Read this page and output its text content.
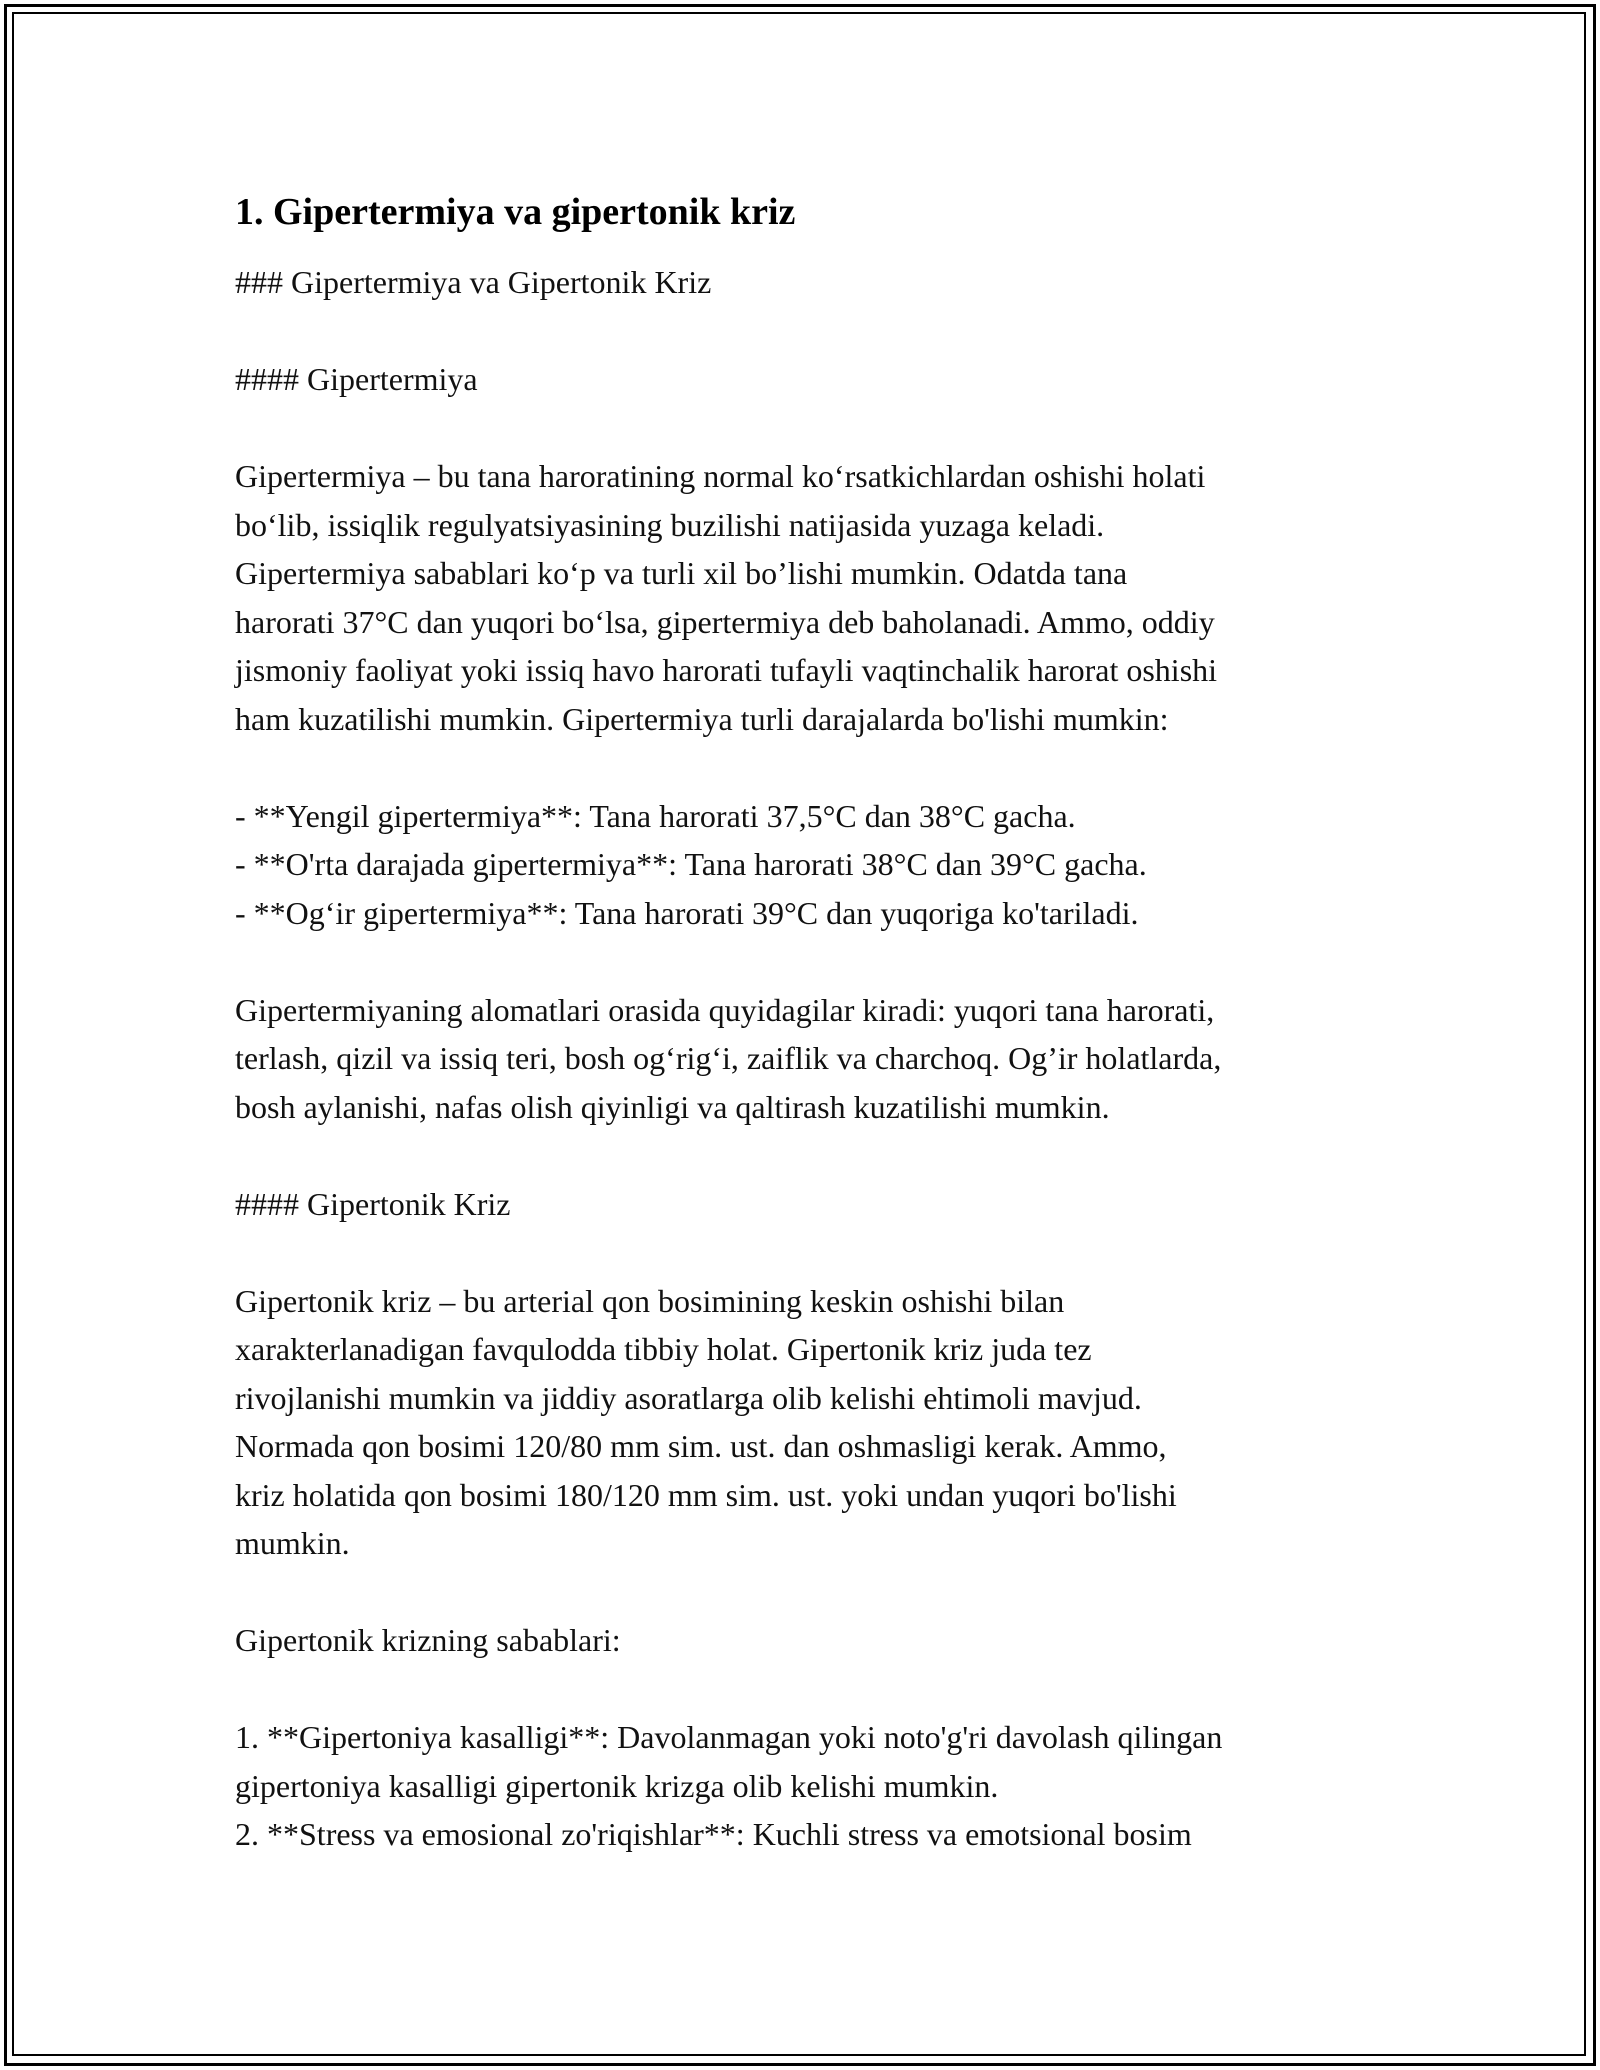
1. Gipertermiya va gipertonik kriz
### Gipertermiya va Gipertonik Kriz
#### Gipertermiya
Gipertermiya – bu tana haroratining normal ko‘rsatkichlardan oshishi holati
bo‘lib, issiqlik regulyatsiyasining buzilishi natijasida yuzaga keladi.
Gipertermiya sabablari ko‘p va turli xil bo’lishi mumkin. Odatda tana
harorati 37°C dan yuqori bo‘lsa, gipertermiya deb baholanadi. Ammo, oddiy
jismoniy faoliyat yoki issiq havo harorati tufayli vaqtinchalik harorat oshishi
ham kuzatilishi mumkin. Gipertermiya turli darajalarda bo'lishi mumkin:
- **Yengil gipertermiya**: Tana harorati 37,5°C dan 38°C gacha.
- **O'rta darajada gipertermiya**: Tana harorati 38°C dan 39°C gacha.
- **Og‘ir gipertermiya**: Tana harorati 39°C dan yuqoriga ko'tariladi.
Gipertermiyaning alomatlari orasida quyidagilar kiradi: yuqori tana harorati,
terlash, qizil va issiq teri, bosh og‘rig‘i, zaiflik va charchoq. Og’ir holatlarda,
bosh aylanishi, nafas olish qiyinligi va qaltirash kuzatilishi mumkin.
#### Gipertonik Kriz
Gipertonik kriz – bu arterial qon bosimining keskin oshishi bilan
xarakterlanadigan favqulodda tibbiy holat. Gipertonik kriz juda tez
rivojlanishi mumkin va jiddiy asoratlarga olib kelishi ehtimoli mavjud.
Normada qon bosimi 120/80 mm sim. ust. dan oshmasligi kerak. Ammo,
kriz holatida qon bosimi 180/120 mm sim. ust. yoki undan yuqori bo'lishi
mumkin.
Gipertonik krizning sabablari:
1. **Gipertoniya kasalligi**: Davolanmagan yoki noto'g'ri davolash qilingan
gipertoniya kasalligi gipertonik krizga olib kelishi mumkin.
2. **Stress va emosional zo'riqishlar**: Kuchli stress va emotsional bosim
